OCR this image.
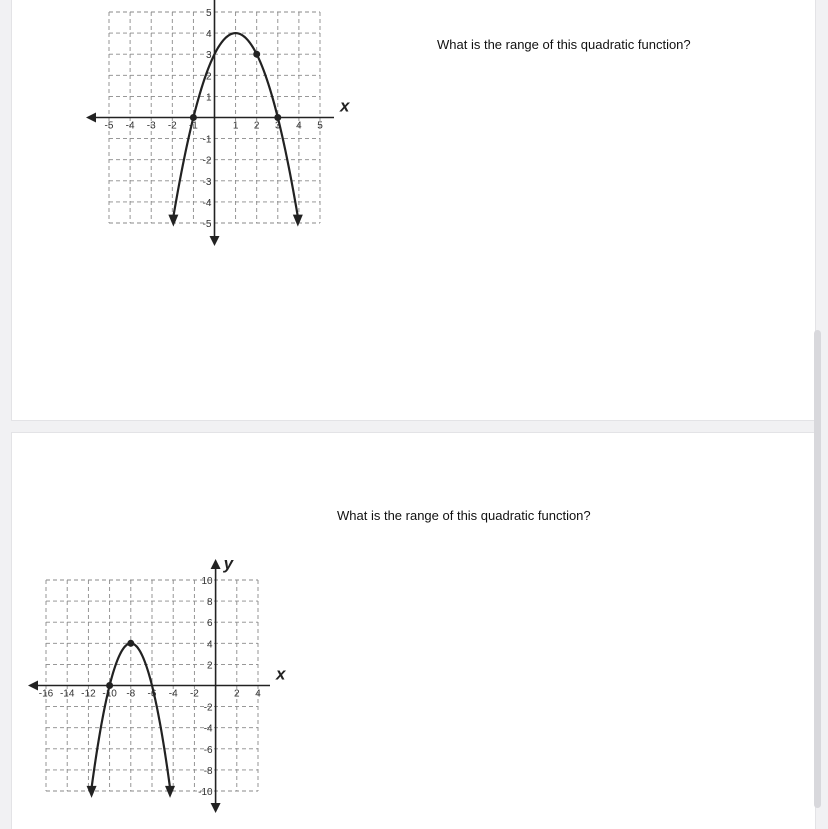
x
-5 -4 -3 -2 -1	1 2 3 4 5
5
4
3
2
1
-1
-2
-3
-4
-5
What is the range of this quadratic function?
x
y
-16 -14 -12 -10 -8 -6 -4 -2	2 4
10
8
6
4
2
-2
-4
-6
-8
-10
What is the range of this quadratic function?
